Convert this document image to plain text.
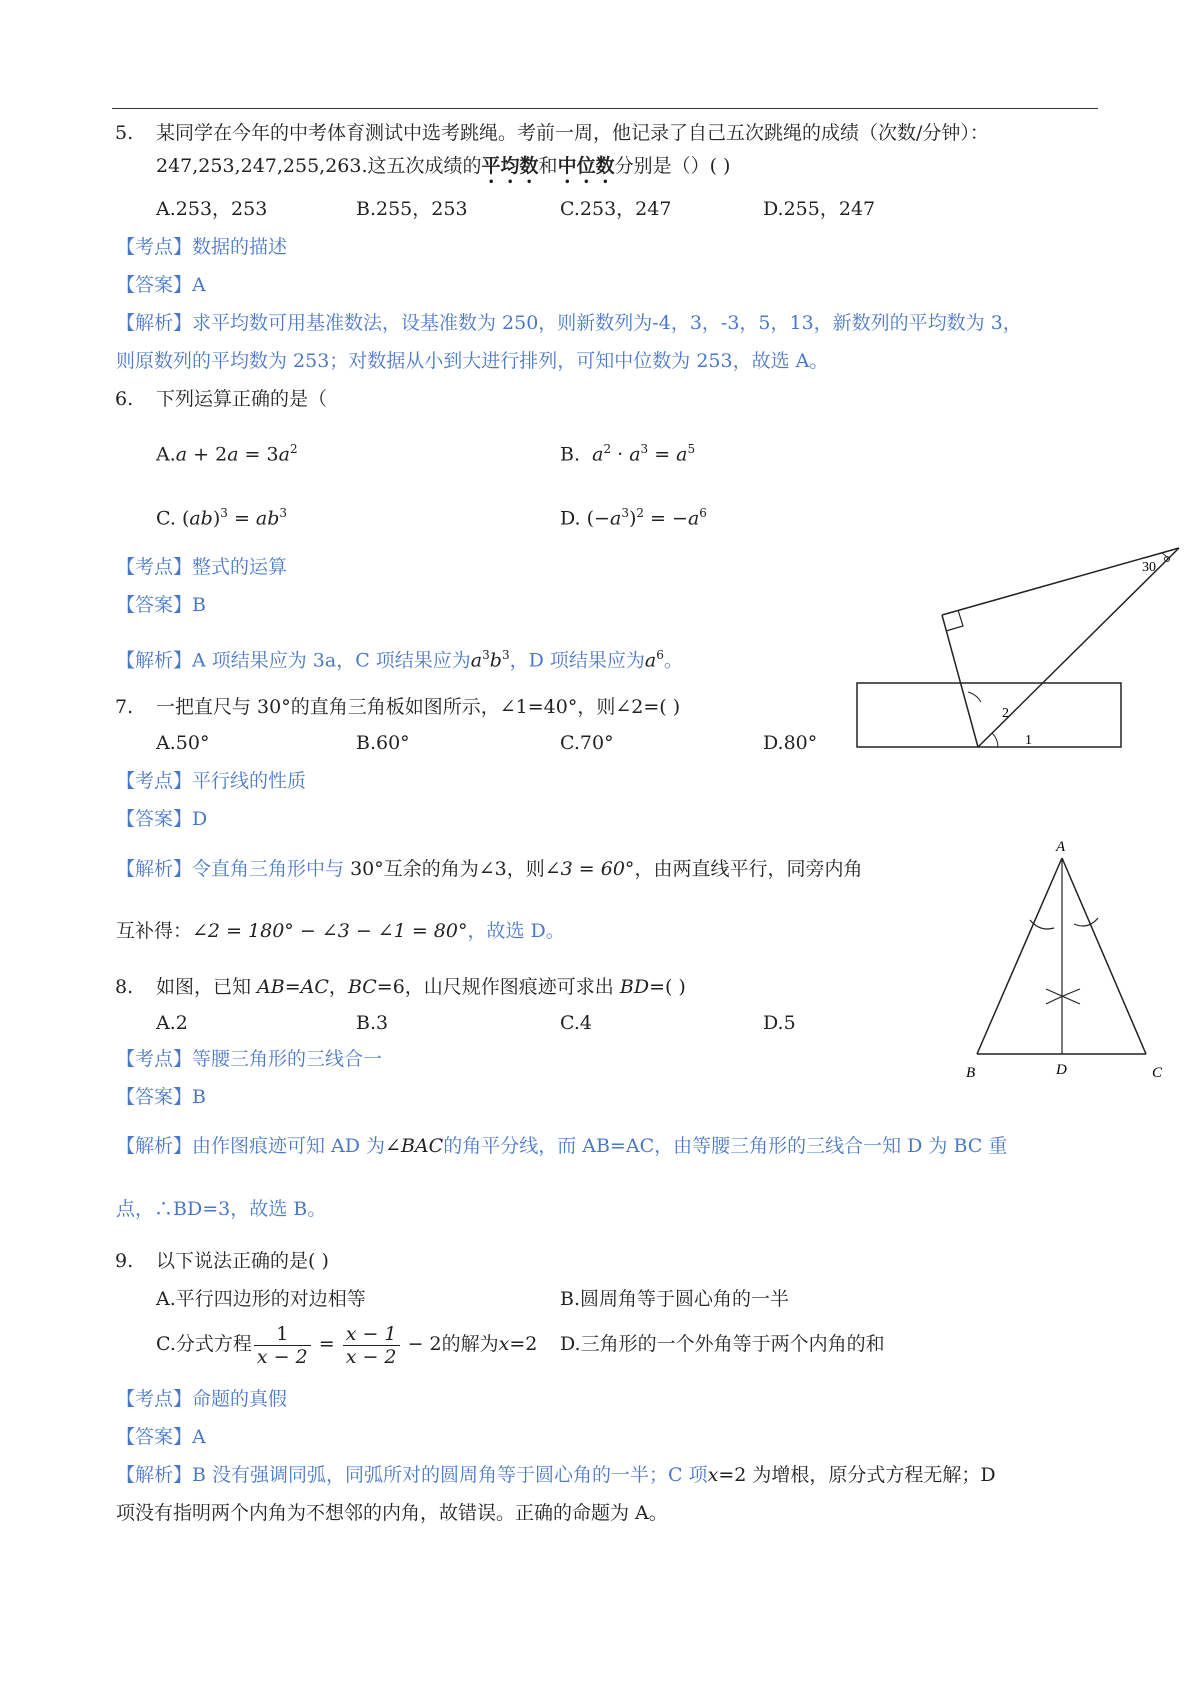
5. 某同学在今年的中考体育测试中选考跳绳。考前一周，他记录了自己五次跳绳的成绩（次数/分钟）：
247,253,247,255,263.这五次成绩的平均数和中位数分别是（）( )
A.253，253	B.255，253	C.253，247	D.255，247
【考点】数据的描述
【答案】A
【解析】求平均数可用基准数法，设基准数为 250，则新数列为-4，3，-3，5，13，新数列的平均数为 3，
则原数列的平均数为 253；对数据从小到大进行排列，可知中位数为 253，故选 A。
6. 下列运算正确的是（
$A.a + 2a = 3a^2$	B. $a^2 \cdot a^3 = a^5$
C. $(ab)^3 = ab^3$	D. $(-a^3)^2 = -a^6$
【考点】整式的运算
【答案】B
【解析】A 项结果应为 3a，C 项结果应为$a^3b^3$，D 项结果应为$a^6$。
30
2
1
7. 一把直尺与 30°的直角三角板如图所示，∠1=40°，则∠2=( )
A.50°	B.60°	C.70°	D.80°
【考点】平行线的性质
【答案】D
【解析】令直角三角形中与 30°互余的角为∠3，则∠3 = 60°，由两直线平行，同旁内角
互补得：∠2 = 180° − ∠3 − ∠1 = 80°，故选 D。
A
B	D	C
8. 如图，已知 AB=AC，BC=6，山尺规作图痕迹可求出 BD=( )
A.2	B.3	C.4	D.5
【考点】等腰三角形的三线合一
【答案】B
【解析】由作图痕迹可知 AD 为∠BAC的角平分线，而 AB=AC，由等腰三角形的三线合一知 D 为 BC 重
点，∴BD=3，故选 B。
9. 以下说法正确的是( )
A.平行四边形的对边相等	B.圆周角等于圆心角的一半
C.分式方程 $\frac{1}{x - 2} = \frac{x - 1}{x - 2} - 2$的解为x=2 D.三角形的一个外角等于两个内角的和
【考点】命题的真假
【答案】A
【解析】B 没有强调同弧，同弧所对的圆周角等于圆心角的一半；C 项x=2 为增根，原分式方程无解；D
项没有指明两个内角为不想邻的内角，故错误。正确的命题为 A。
